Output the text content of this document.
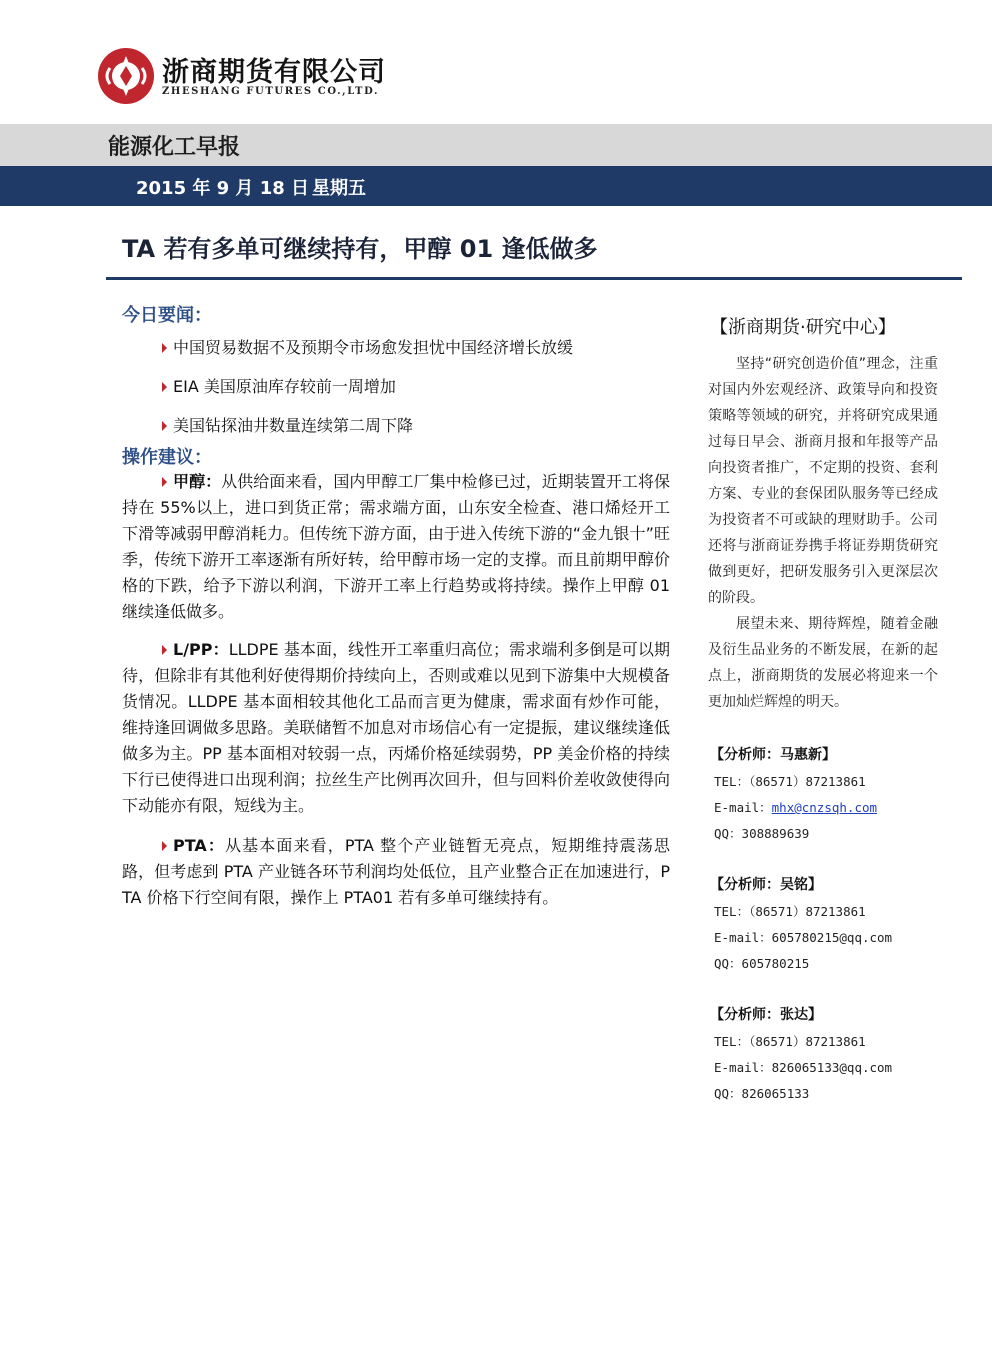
浙商期货有限公司
ZHESHANG FUTURES CO.,LTD.
能源化工早报
2015 年 9 月 18 日 星期五
TA 若有多单可继续持有，甲醇 01 逢低做多
今日要闻：
中国贸易数据不及预期令市场愈发担忧中国经济增长放缓
EIA 美国原油库存较前一周增加
美国钻探油井数量连续第二周下降
操作建议：
甲醇：从供给面来看，国内甲醇工厂集中检修已过，近期装置开工将保持在 55%以上，进口到货正常；需求端方面，山东安全检查、港口烯烃开工下滑等减弱甲醇消耗力。但传统下游方面，由于进入传统下游的“金九银十”旺季，传统下游开工率逐渐有所好转，给甲醇市场一定的支撑。而且前期甲醇价格的下跌，给予下游以利润，下游开工率上行趋势或将持续。操作上甲醇 01 继续逢低做多。
L/PP：LLDPE 基本面，线性开工率重归高位；需求端利多倒是可以期待，但除非有其他利好使得期价持续向上，否则或难以见到下游集中大规模备货情况。LLDPE 基本面相较其他化工品而言更为健康，需求面有炒作可能，维持逢回调做多思路。美联储暂不加息对市场信心有一定提振，建议继续逢低做多为主。PP 基本面相对较弱一点，丙烯价格延续弱势，PP 美金价格的持续下行已使得进口出现利润；拉丝生产比例再次回升，但与回料价差收敛使得向下动能亦有限，短线为主。
PTA：从基本面来看，PTA 整个产业链暂无亮点，短期维持震荡思路，但考虑到 PTA 产业链各环节利润均处低位，且产业整合正在加速进行，PTA 价格下行空间有限，操作上 PTA01 若有多单可继续持有。
【浙商期货·研究中心】
坚持“研究创造价值”理念，注重对国内外宏观经济、政策导向和投资策略等领域的研究，并将研究成果通过每日早会、浙商月报和年报等产品向投资者推广，不定期的投资、套利方案、专业的套保团队服务等已经成为投资者不可或缺的理财助手。公司还将与浙商证券携手将证券期货研究做到更好，把研发服务引入更深层次的阶段。
展望未来、期待辉煌，随着金融及衍生品业务的不断发展，在新的起点上，浙商期货的发展必将迎来一个更加灿烂辉煌的明天。
【分析师：马惠新】
TEL：（86571）87213861
E-mail：mhx@cnzsqh.com
QQ：308889639
【分析师：吴铭】
TEL：（86571）87213861
E-mail：605780215@qq.com
QQ：605780215
【分析师：张达】
TEL：（86571）87213861
E-mail：826065133@qq.com
QQ：826065133
